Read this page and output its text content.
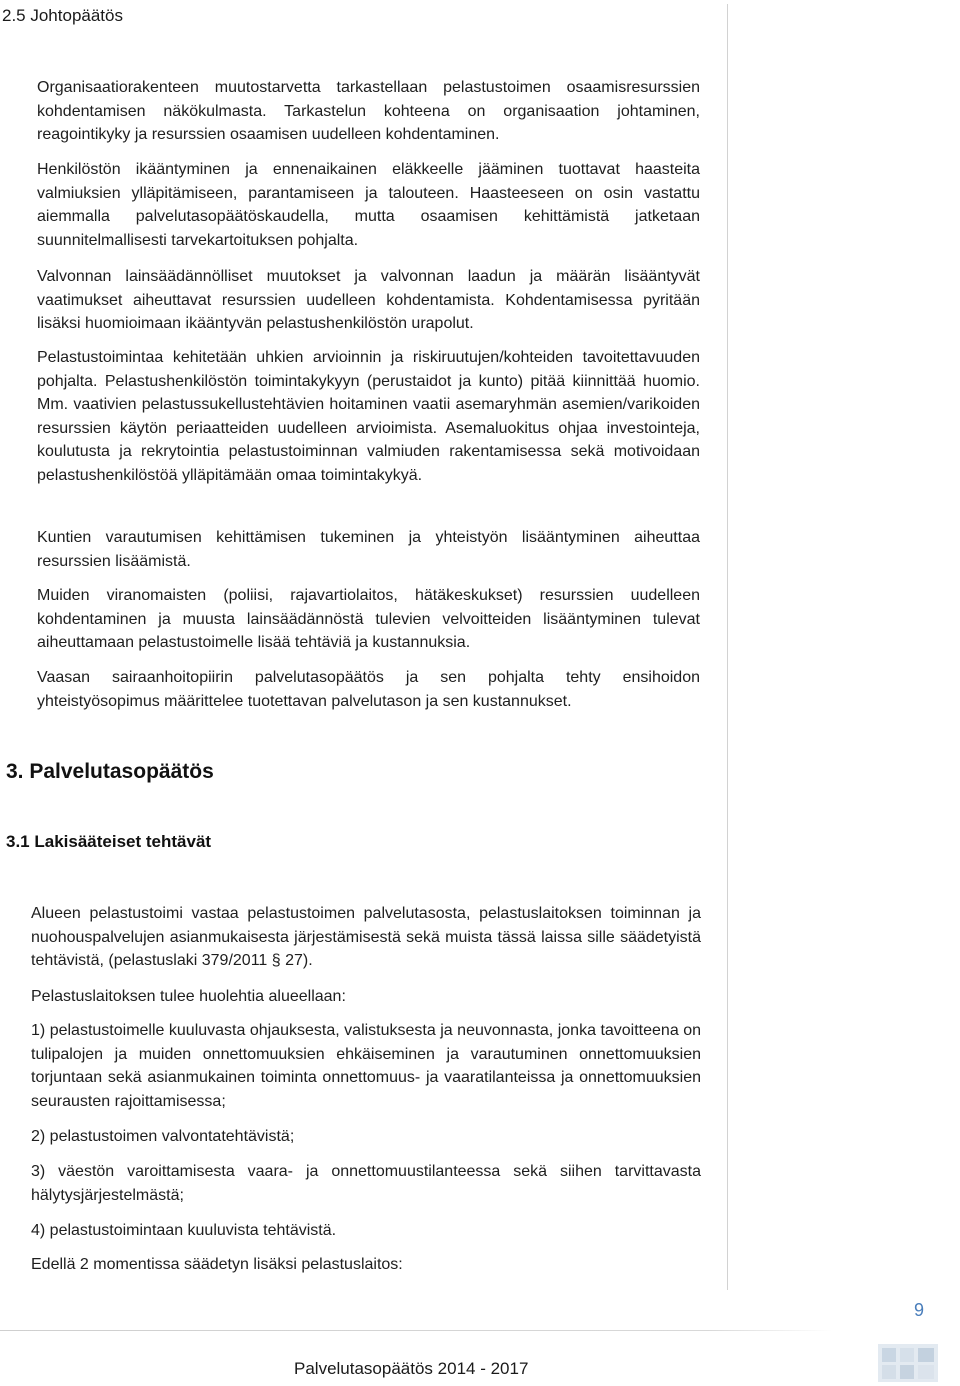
2.5 Johtopäätös

Organisaatiorakenteen muutostarvetta tarkastellaan pelastustoimen osaamisresurssien kohdentamisen näkökulmasta. Tarkastelun kohteena on organisaation johtaminen, reagointikyky ja resurssien osaamisen uudelleen kohdentaminen.

Henkilöstön ikääntyminen ja ennenaikainen eläkkeelle jääminen tuottavat haasteita valmiuksien ylläpitämiseen, parantamiseen ja talouteen. Haasteeseen on osin vastattu aiemmalla palvelutasopäätöskaudella, mutta osaamisen kehittämistä jatketaan suunnitelmallisesti tarvekartoituksen pohjalta.

Valvonnan lainsäädännölliset muutokset ja valvonnan laadun ja määrän lisääntyvät vaatimukset aiheuttavat resurssien uudelleen kohdentamista. Kohdentamisessa pyritään lisäksi huomioimaan ikääntyvän pelastushenkilöstön urapolut.

Pelastustoimintaa kehitetään uhkien arvioinnin ja riskiruutujen/kohteiden tavoitettavuuden pohjalta. Pelastushenkilöstön toimintakykyyn (perustaidot ja kunto) pitää kiinnittää huomio. Mm. vaativien pelastussukellustehtävien hoitaminen vaatii asemaryhmän asemien/varikoiden resurssien käytön periaatteiden uudelleen arvioimista. Asemaluokitus ohjaa investointeja, koulutusta ja rekrytointia pelastustoiminnan valmiuden rakentamisessa sekä motivoidaan pelastushenkilöstöä ylläpitämään omaa toimintakykyä.

Kuntien varautumisen kehittämisen tukeminen ja yhteistyön lisääntyminen aiheuttaa resurssien lisäämistä.

Muiden viranomaisten (poliisi, rajavartiolaitos, hätäkeskukset) resurssien uudelleen kohdentaminen ja muusta lainsäädännöstä tulevien velvoitteiden lisääntyminen tulevat aiheuttamaan pelastustoimelle lisää tehtäviä ja kustannuksia.

Vaasan sairaanhoitopiirin palvelutasopäätös ja sen pohjalta tehty ensihoidon yhteistyösopimus määrittelee tuotettavan palvelutason ja sen kustannukset.

3. Palvelutasopäätös
3.1 Lakisääteiset tehtävät

Alueen pelastustoimi vastaa pelastustoimen palvelutasosta, pelastuslaitoksen toiminnan ja nuohouspalvelujen asianmukaisesta järjestämisestä sekä muista tässä laissa sille säädetyistä tehtävistä, (pelastuslaki 379/2011 § 27).

Pelastuslaitoksen tulee huolehtia alueellaan:

1) pelastustoimelle kuuluvasta ohjauksesta, valistuksesta ja neuvonnasta, jonka tavoitteena on tulipalojen ja muiden onnettomuuksien ehkäiseminen ja varautuminen onnettomuuksien torjuntaan sekä asianmukainen toiminta onnettomuus- ja vaaratilanteissa ja onnettomuuksien seurausten rajoittamisessa;

2) pelastustoimen valvontatehtävistä;

3) väestön varoittamisesta vaara- ja onnettomuustilanteessa sekä siihen tarvittavasta hälytysjärjestelmästä;

4) pelastustoimintaan kuuluvista tehtävistä.

Edellä 2 momentissa säädetyn lisäksi pelastuslaitos:

9
Palvelutasopäätös 2014 - 2017
